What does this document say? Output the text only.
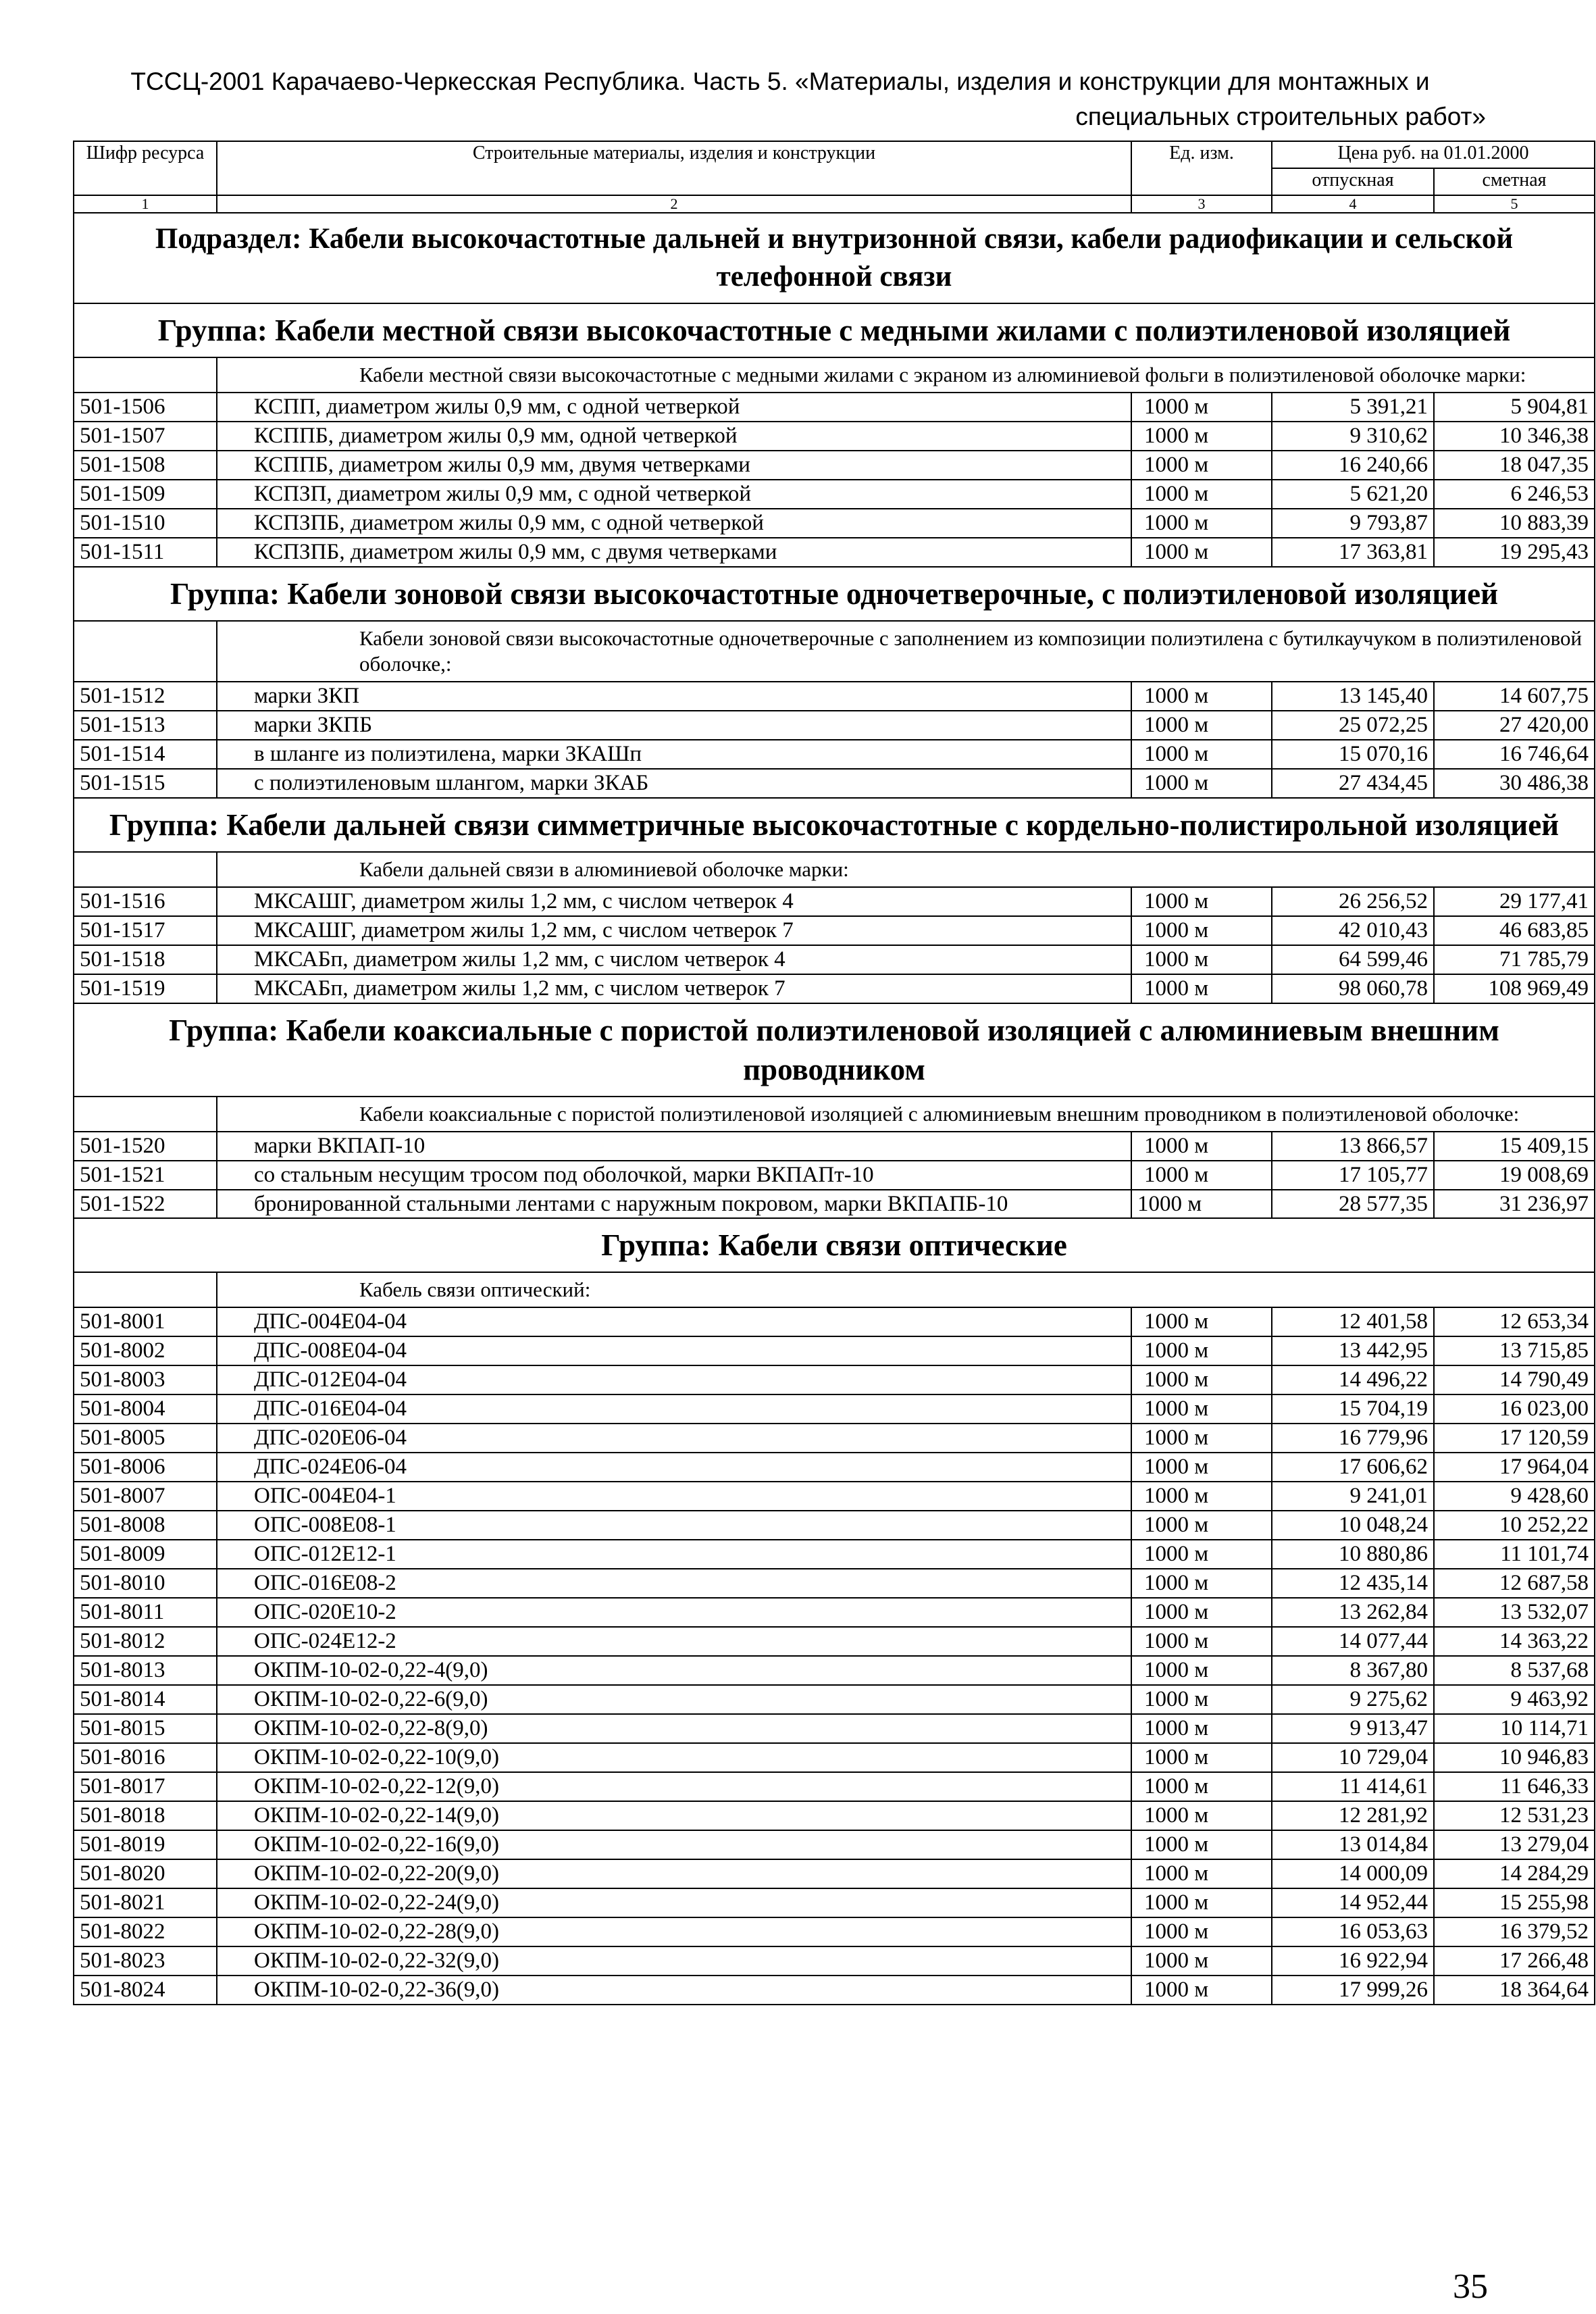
ТССЦ-2001 Карачаево-Черкесская Республика. Часть 5. «Материалы, изделия и конструкции для монтажных и
специальных строительных работ»
Шифр ресурса	Строительные материалы, изделия и конструкции	Ед. изм.	Цена руб. на 01.01.2000	
			отпускная	сметная
1	2	3	4	5
Подраздел: Кабели высокочастотные дальней и внутризонной связи, кабели радиофикации и сельской телефонной связи				
Группа: Кабели местной связи высокочастотные с медными жилами с полиэтиленовой изоляцией				
	Кабели местной связи высокочастотные с медными жилами с экраном из алюминиевой фольги в полиэтиленовой оболочке марки:			
501-1506	КСПП, диаметром жилы 0,9 мм, с одной четверкой	1000 м	5 391,21	5 904,81
501-1507	КСППБ, диаметром жилы 0,9 мм, одной четверкой	1000 м	9 310,62	10 346,38
501-1508	КСППБ, диаметром жилы 0,9 мм, двумя четверками	1000 м	16 240,66	18 047,35
501-1509	КСПЗП, диаметром жилы 0,9 мм, с одной четверкой	1000 м	5 621,20	6 246,53
501-1510	КСПЗПБ, диаметром жилы 0,9 мм, с одной четверкой	1000 м	9 793,87	10 883,39
501-1511	КСПЗПБ, диаметром жилы 0,9 мм, с двумя четверками	1000 м	17 363,81	19 295,43
Группа: Кабели зоновой связи высокочастотные одночетверочные, с полиэтиленовой изоляцией				
	Кабели зоновой связи высокочастотные одночетверочные с заполнением из композиции полиэтилена с бутилкаучуком в полиэтиленовой оболочке,:			
501-1512	марки ЗКП	1000 м	13 145,40	14 607,75
501-1513	марки ЗКПБ	1000 м	25 072,25	27 420,00
501-1514	в шланге из полиэтилена, марки ЗКАШп	1000 м	15 070,16	16 746,64
501-1515	с полиэтиленовым шлангом, марки ЗКАБ	1000 м	27 434,45	30 486,38
Группа: Кабели дальней связи симметричные высокочастотные с кордельно-полистирольной изоляцией				
	Кабели дальней связи в алюминиевой оболочке марки:			
501-1516	МКСАШГ, диаметром жилы 1,2 мм, с числом четверок 4	1000 м	26 256,52	29 177,41
501-1517	МКСАШГ, диаметром жилы 1,2 мм, с числом четверок 7	1000 м	42 010,43	46 683,85
501-1518	МКСАБп, диаметром жилы 1,2 мм, с числом четверок 4	1000 м	64 599,46	71 785,79
501-1519	МКСАБп, диаметром жилы 1,2 мм, с числом четверок 7	1000 м	98 060,78	108 969,49
Группа: Кабели коаксиальные с пористой полиэтиленовой изоляцией с алюминиевым внешним проводником				
	Кабели коаксиальные с пористой полиэтиленовой изоляцией с алюминиевым внешним проводником в полиэтиленовой оболочке:			
501-1520	марки ВКПАП-10	1000 м	13 866,57	15 409,15
501-1521	со стальным несущим тросом под оболочкой, марки ВКПАПт-10	1000 м	17 105,77	19 008,69
501-1522	бронированной стальными лентами с наружным покровом, марки ВКПАПБ-10	1000 м	28 577,35	31 236,97
Группа: Кабели связи оптические				
	Кабель связи оптический:			
501-8001	ДПС-004Е04-04	1000 м	12 401,58	12 653,34
501-8002	ДПС-008Е04-04	1000 м	13 442,95	13 715,85
501-8003	ДПС-012Е04-04	1000 м	14 496,22	14 790,49
501-8004	ДПС-016Е04-04	1000 м	15 704,19	16 023,00
501-8005	ДПС-020Е06-04	1000 м	16 779,96	17 120,59
501-8006	ДПС-024Е06-04	1000 м	17 606,62	17 964,04
501-8007	ОПС-004Е04-1	1000 м	9 241,01	9 428,60
501-8008	ОПС-008Е08-1	1000 м	10 048,24	10 252,22
501-8009	ОПС-012Е12-1	1000 м	10 880,86	11 101,74
501-8010	ОПС-016Е08-2	1000 м	12 435,14	12 687,58
501-8011	ОПС-020Е10-2	1000 м	13 262,84	13 532,07
501-8012	ОПС-024Е12-2	1000 м	14 077,44	14 363,22
501-8013	ОКПМ-10-02-0,22-4(9,0)	1000 м	8 367,80	8 537,68
501-8014	ОКПМ-10-02-0,22-6(9,0)	1000 м	9 275,62	9 463,92
501-8015	ОКПМ-10-02-0,22-8(9,0)	1000 м	9 913,47	10 114,71
501-8016	ОКПМ-10-02-0,22-10(9,0)	1000 м	10 729,04	10 946,83
501-8017	ОКПМ-10-02-0,22-12(9,0)	1000 м	11 414,61	11 646,33
501-8018	ОКПМ-10-02-0,22-14(9,0)	1000 м	12 281,92	12 531,23
501-8019	ОКПМ-10-02-0,22-16(9,0)	1000 м	13 014,84	13 279,04
501-8020	ОКПМ-10-02-0,22-20(9,0)	1000 м	14 000,09	14 284,29
501-8021	ОКПМ-10-02-0,22-24(9,0)	1000 м	14 952,44	15 255,98
501-8022	ОКПМ-10-02-0,22-28(9,0)	1000 м	16 053,63	16 379,52
501-8023	ОКПМ-10-02-0,22-32(9,0)	1000 м	16 922,94	17 266,48
501-8024	ОКПМ-10-02-0,22-36(9,0)	1000 м	17 999,26	18 364,64
35
